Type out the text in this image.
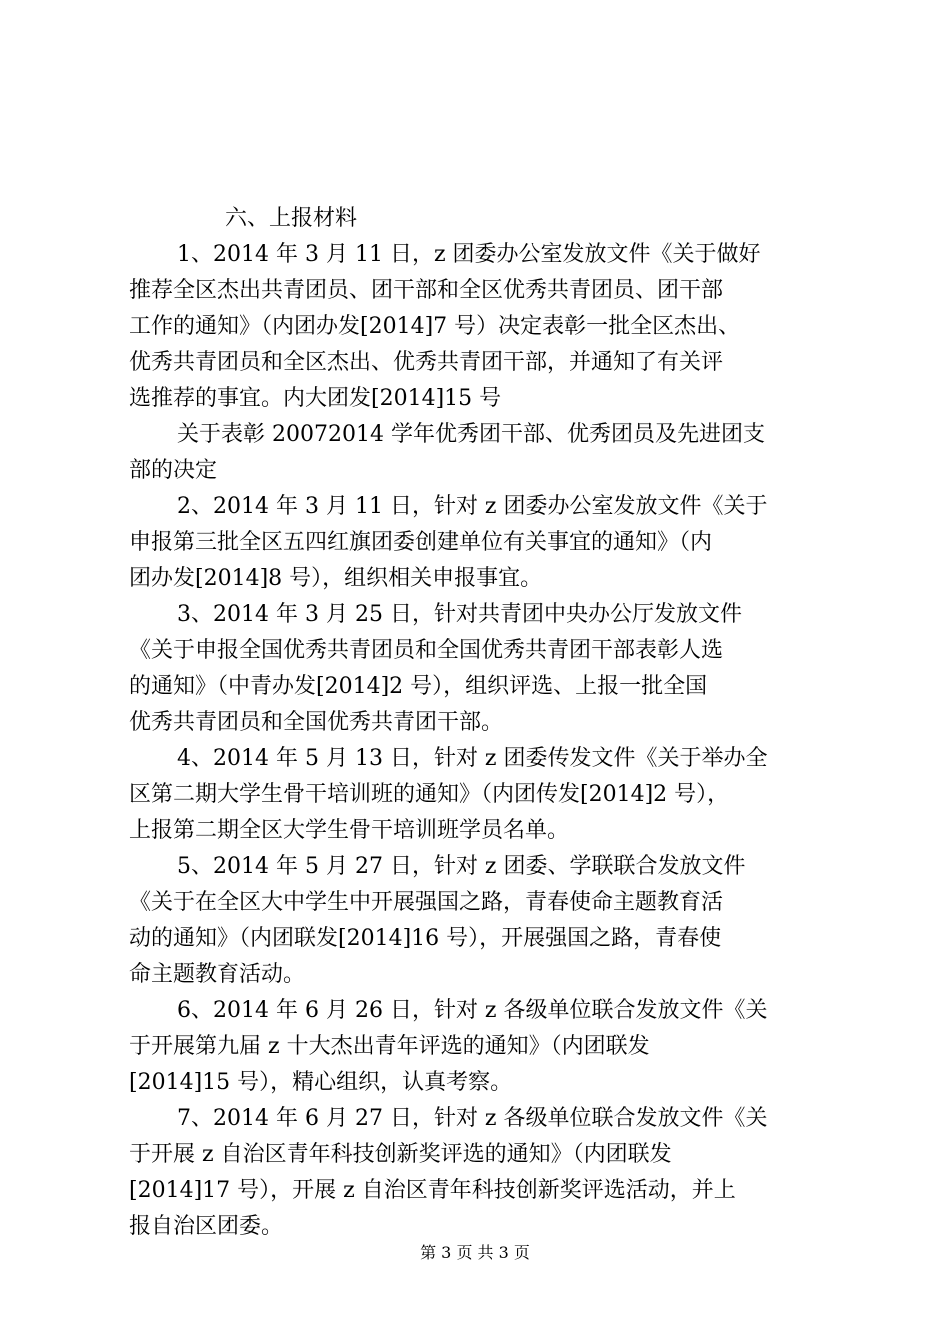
六、上报材料
1、2014 年 3 月 11 日，z 团委办公室发放文件《关于做好
推荐全区杰出共青团员、团干部和全区优秀共青团员、团干部
工作的通知》（内团办发[2014]7 号）决定表彰一批全区杰出、
优秀共青团员和全区杰出、优秀共青团干部，并通知了有关评
选推荐的事宜。内大团发[2014]15 号
关于表彰 20072014 学年优秀团干部、优秀团员及先进团支
部的决定
2、2014 年 3 月 11 日，针对 z 团委办公室发放文件《关于
申报第三批全区五四红旗团委创建单位有关事宜的通知》（内
团办发[2014]8 号），组织相关申报事宜。
3、2014 年 3 月 25 日，针对共青团中央办公厅发放文件
《关于申报全国优秀共青团员和全国优秀共青团干部表彰人选
的通知》（中青办发[2014]2 号），组织评选、上报一批全国
优秀共青团员和全国优秀共青团干部。
4、2014 年 5 月 13 日，针对 z 团委传发文件《关于举办全
区第二期大学生骨干培训班的通知》（内团传发[2014]2 号），
上报第二期全区大学生骨干培训班学员名单。
5、2014 年 5 月 27 日，针对 z 团委、学联联合发放文件
《关于在全区大中学生中开展强国之路，青春使命主题教育活
动的通知》（内团联发[2014]16 号），开展强国之路，青春使
命主题教育活动。
6、2014 年 6 月 26 日，针对 z 各级单位联合发放文件《关
于开展第九届 z 十大杰出青年评选的通知》（内团联发
[2014]15 号），精心组织，认真考察。
7、2014 年 6 月 27 日，针对 z 各级单位联合发放文件《关
于开展 z 自治区青年科技创新奖评选的通知》（内团联发
[2014]17 号），开展 z 自治区青年科技创新奖评选活动，并上
报自治区团委。
第 3 页 共 3 页
